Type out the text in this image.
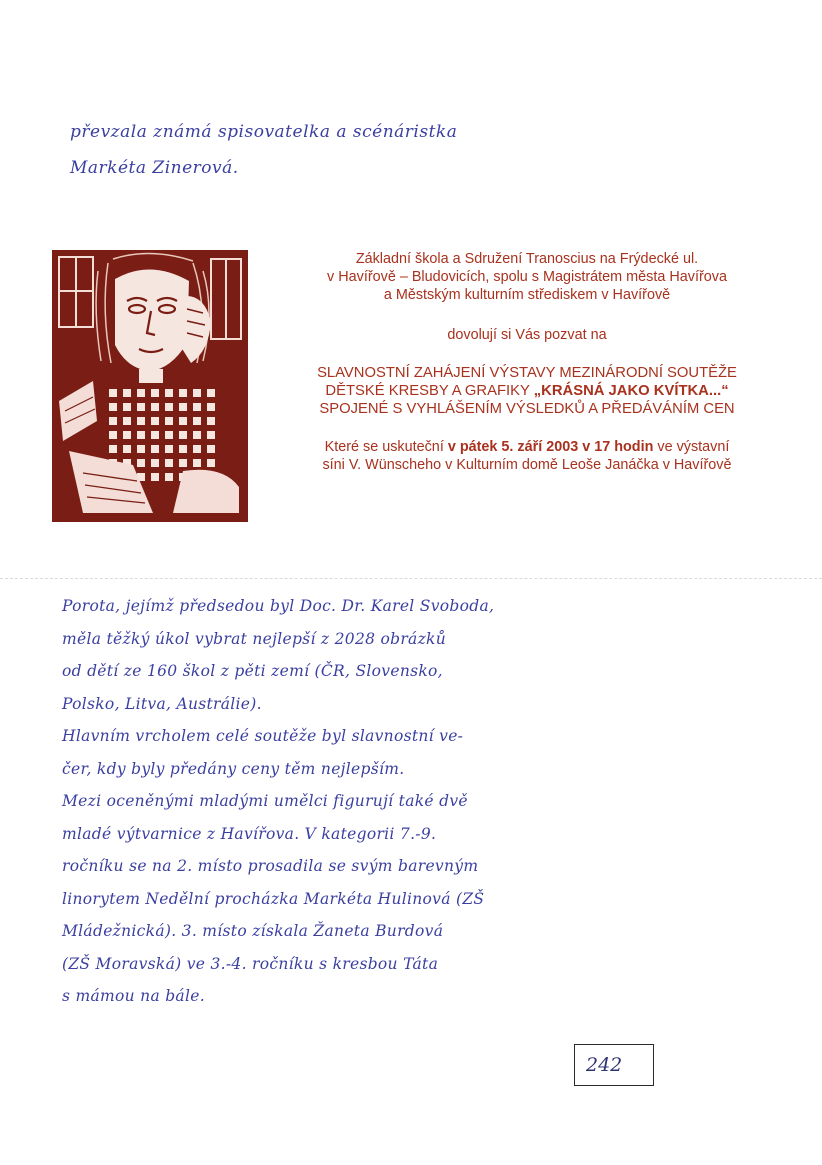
převzala známá spisovatelka a scénáristka
Markéta Zinerová.

Základní škola a Sdružení Tranoscius na Frýdecké ul.

v Havířově – Bludovicích, spolu s Magistrátem města Havířova

a Městským kulturním střediskem v Havířově

dovolují si Vás pozvat na

SLAVNOSTNÍ ZAHÁJENÍ VÝSTAVY MEZINÁRODNÍ SOUTĚŽE

DĚTSKÉ KRESBY A GRAFIKY „KRÁSNÁ JAKO KVÍTKA...“

SPOJENÉ S VYHLÁŠENÍM VÝSLEDKŮ A PŘEDÁVÁNÍM CEN

Které se uskuteční v pátek 5. září 2003 v 17 hodin ve výstavní

síni V. Wünscheho v Kulturním domě Leoše Janáčka v Havířově

Porota, jejímž předsedou byl Doc. Dr. Karel Svoboda,
měla těžký úkol vybrat nejlepší z 2028 obrázků
od dětí ze 160 škol z pěti zemí (ČR, Slovensko,
Polsko, Litva, Austrálie).
Hlavním vrcholem celé soutěže byl slavnostní ve-
čer, kdy byly předány ceny těm nejlepším.
Mezi oceněnými mladými umělci figurují také dvě
mladé výtvarnice z Havířova. V kategorii 7.-9.
ročníku se na 2. místo prosadila se svým barevným
linorytem Nedělní procházka Markéta Hulinová (ZŠ
Mládežnická). 3. místo získala Žaneta Burdová
(ZŠ Moravská) ve 3.-4. ročníku s kresbou Táta
s mámou na bále.
242
